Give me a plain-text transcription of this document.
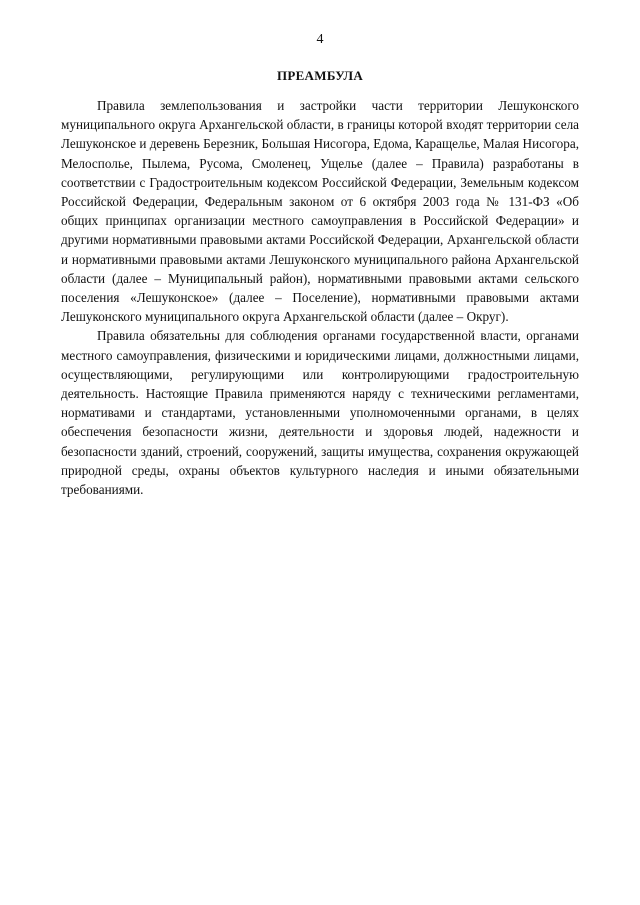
4
ПРЕАМБУЛА

Правила землепользования и застройки части территории Лешуконского муниципального округа Архангельской области, в границы которой входят территории села Лешуконское и деревень Березник, Большая Нисогора, Едома, Каращелье, Малая Нисогора, Мелосполье, Пылема, Русома, Смоленец, Ущелье (далее – Правила) разработаны в соответствии с Градостроительным кодексом Российской Федерации, Земельным кодексом Российской Федерации, Федеральным законом от 6 октября 2003 года № 131-ФЗ «Об общих принципах организации местного самоуправления в Российской Федерации» и другими нормативными правовыми актами Российской Федерации, Архангельской области и нормативными правовыми актами Лешуконского муниципального района Архангельской области (далее – Муниципальный район), нормативными правовыми актами сельского поселения «Лешуконское» (далее – Поселение), нормативными правовыми актами Лешуконского муниципального округа Архангельской области (далее – Округ).

Правила обязательны для соблюдения органами государственной власти, органами местного самоуправления, физическими и юридическими лицами, должностными лицами, осуществляющими, регулирующими или контролирующими градостроительную деятельность. Настоящие Правила применяются наряду с техническими регламентами, нормативами и стандартами, установленными уполномоченными органами, в целях обеспечения безопасности жизни, деятельности и здоровья людей, надежности и безопасности зданий, строений, сооружений, защиты имущества, сохранения окружающей природной среды, охраны объектов культурного наследия и иными обязательными требованиями.
